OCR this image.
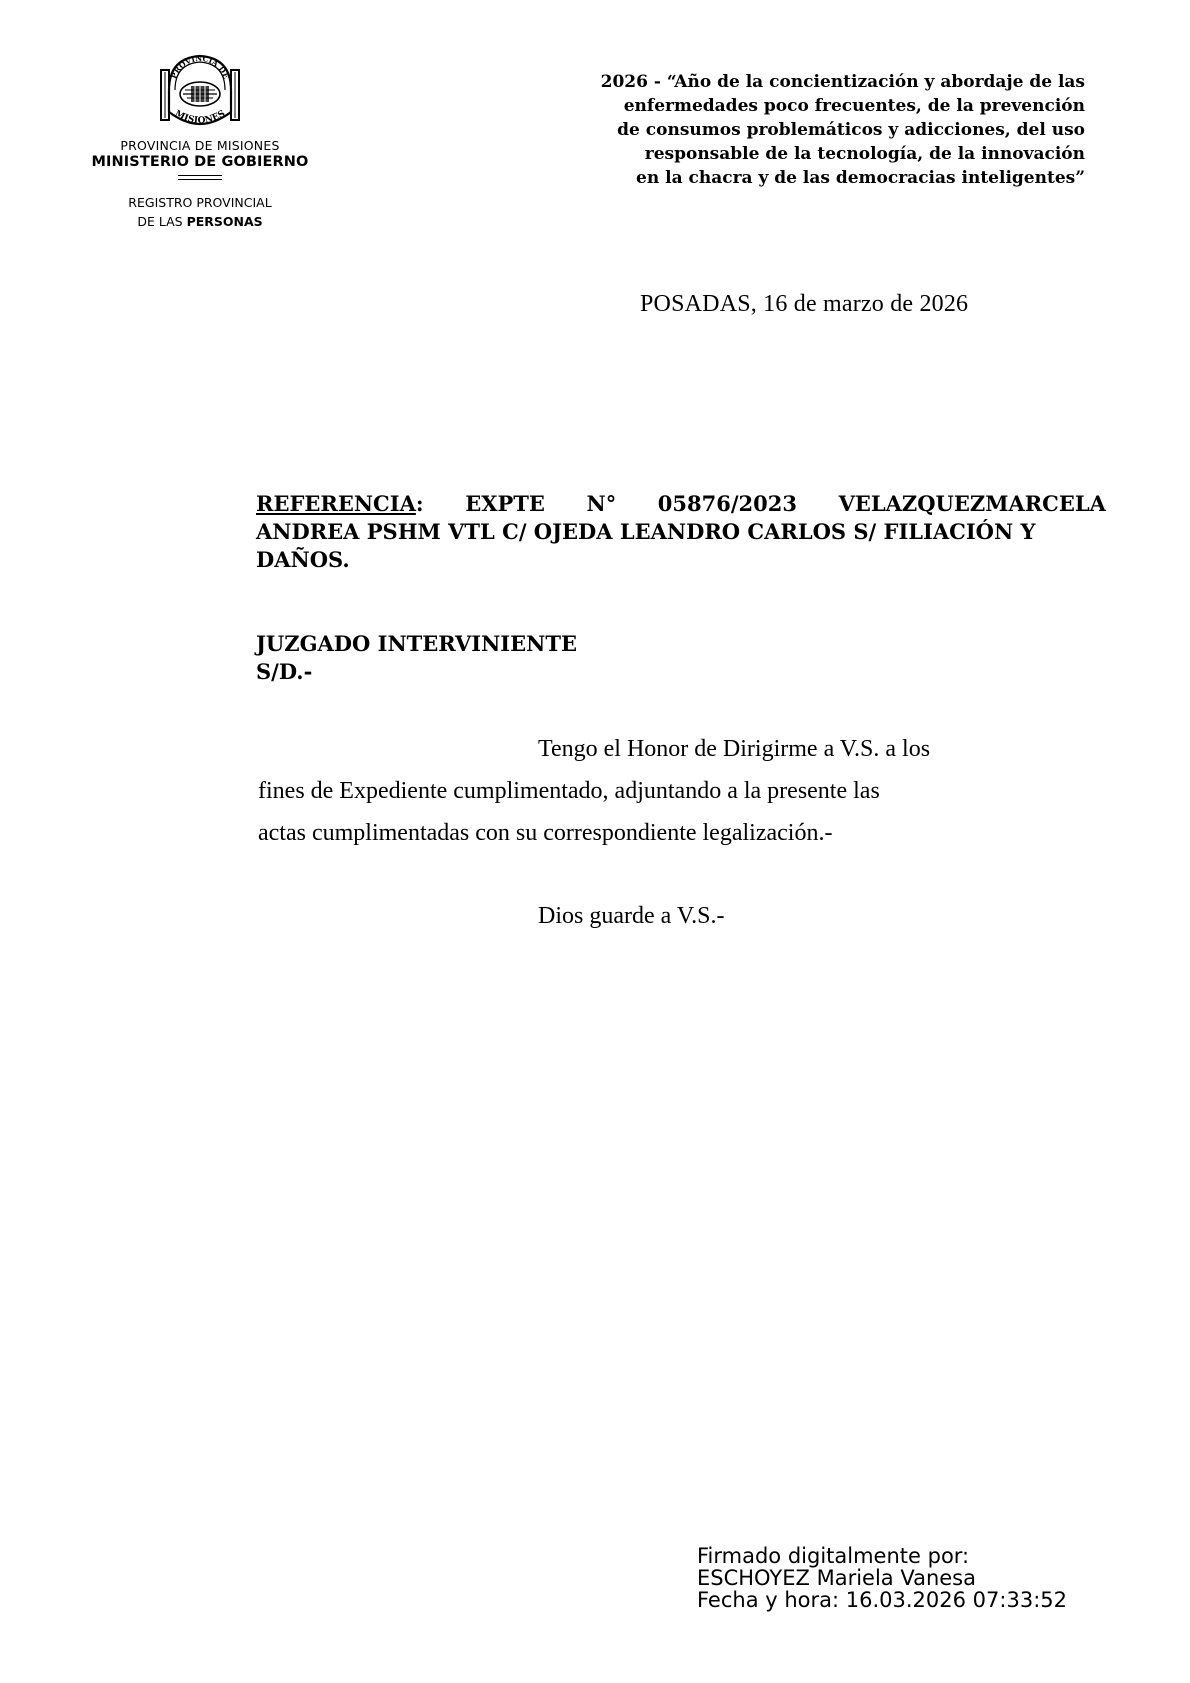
PROVINCIA DE
MISIONES
PROVINCIA DE MISIONES
MINISTERIO DE GOBIERNO
REGISTRO PROVINCIAL
DE LAS PERSONAS
2026 - “Año de la concientización y abordaje de las
enfermedades poco frecuentes, de la prevención
de consumos problemáticos y adicciones, del uso
responsable de la tecnología, de la innovación
en la chacra y de las democracias inteligentes”
POSADAS, 16 de marzo de 2026
REFERENCIA: EXPTE N° 05876/2023 VELAZQUEZMARCELA
ANDREA PSHM VTL C/ OJEDA LEANDRO CARLOS S/ FILIACIÓN Y
DAÑOS.
JUZGADO INTERVINIENTE
S/D.-
Tengo el Honor de Dirigirme a V.S. a los
fines de Expediente cumplimentado, adjuntando a la presente las
actas cumplimentadas con su correspondiente legalización.-
Dios guarde a V.S.-
Firmado digitalmente por:
ESCHOYEZ Mariela Vanesa
Fecha y hora: 16.03.2026 07:33:52
